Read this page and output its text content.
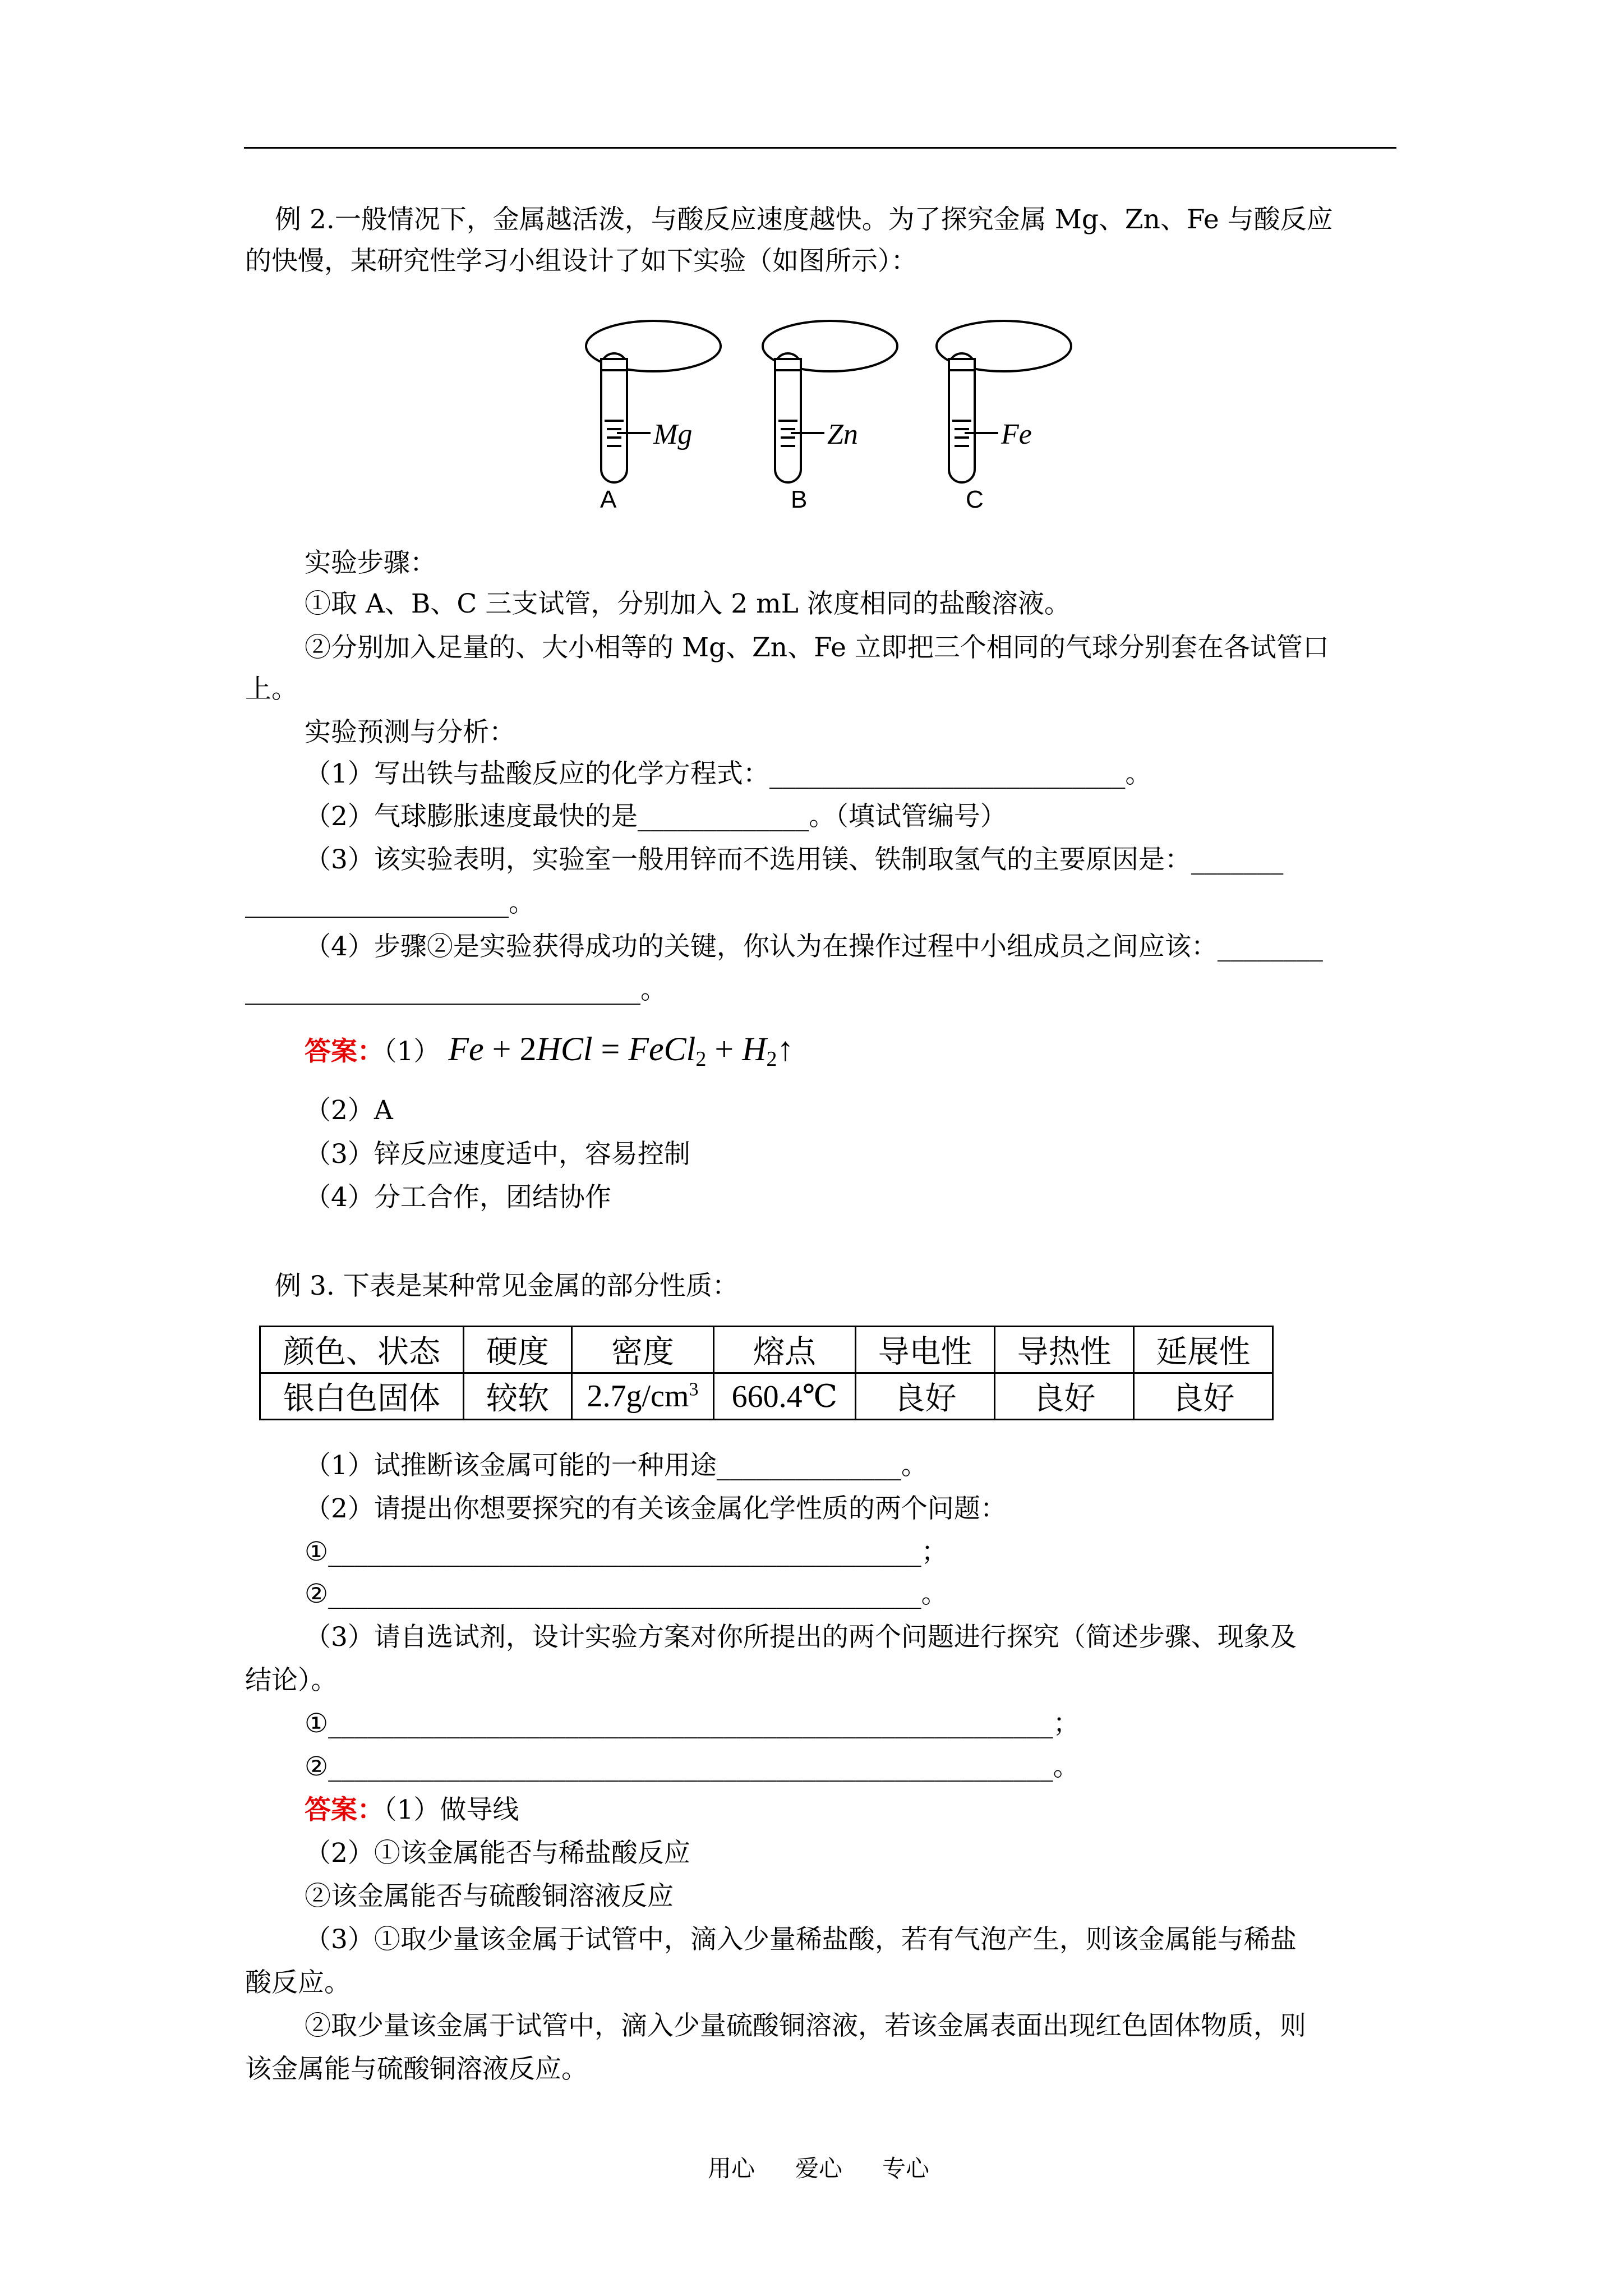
例 2.一般情况下，金属越活泼，与酸反应速度越快。为了探究金属 Mg、Zn、Fe 与酸反应
的快慢，某研究性学习小组设计了如下实验（如图所示）：
Mg	Zn	Fe
A	B	C
实验步骤：
①取 A、B、C 三支试管，分别加入 2 mL 浓度相同的盐酸溶液。
②分别加入足量的、大小相等的 Mg、Zn、Fe 立即把三个相同的气球分别套在各试管口
上。
实验预测与分析：
（1）写出铁与盐酸反应的化学方程式：___________________________。
（2）气球膨胀速度最快的是_____________。（填试管编号）
（3）该实验表明，实验室一般用锌而不选用镁、铁制取氢气的主要原因是：_______
____________________。
（4）步骤②是实验获得成功的关键，你认为在操作过程中小组成员之间应该：________
______________________________。
答案：（1） Fe + 2HCl = FeCl$_2$ + $H_2↑$
（2）A
（3）锌反应速度适中，容易控制
（4）分工合作，团结协作
例 3. 下表是某种常见金属的部分性质：
颜色、状态	硬度	密度	熔点	导电性	导热性	延展性
银白色固体	较软	$2.7g/cm^3$	660.4℃	良好	良好	良好
（1）试推断该金属可能的一种用途______________。
（2）请提出你想要探究的有关该金属化学性质的两个问题：
①_____________________________________________；
②_____________________________________________。
（3）请自选试剂，设计实验方案对你所提出的两个问题进行探究（简述步骤、现象及
结论）。
①_______________________________________________________；
②_______________________________________________________。
答案：（1）做导线
（2）①该金属能否与稀盐酸反应
②该金属能否与硫酸铜溶液反应
（3）①取少量该金属于试管中，滴入少量稀盐酸，若有气泡产生，则该金属能与稀盐
酸反应。
②取少量该金属于试管中，滴入少量硫酸铜溶液，若该金属表面出现红色固体物质，则
该金属能与硫酸铜溶液反应。
用心 爱心 专心
